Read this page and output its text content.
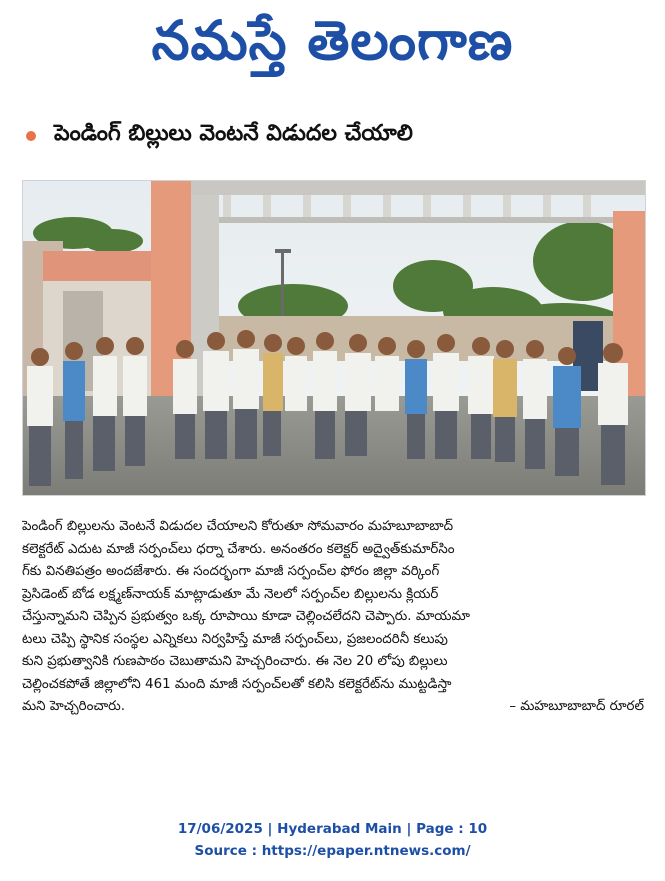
నమస్తే తెలంగాణ
పెండింగ్ బిల్లులు వెంటనే విడుదల చేయాలి

పెండింగ్ బిల్లులను వెంటనే విడుదల చేయాలని కోరుతూ సోమవారం మహబూబాబాద్

కలెక్టరేట్ ఎదుట మాజీ సర్పంచ్‌లు ధర్నా చేశారు. అనంతరం కలెక్టర్ అద్వైత్‌కుమార్‌సిం

గ్‌కు వినతిపత్రం అందజేశారు. ఈ సందర్భంగా మాజీ సర్పంచ్‌ల ఫోరం జిల్లా వర్కింగ్

ప్రెసిడెంట్ బోడ లక్ష్మణ్‌నాయక్ మాట్లాడుతూ మే నెలలో సర్పంచ్‌ల బిల్లులను క్లియర్

చేస్తున్నామని చెప్పిన ప్రభుత్వం ఒక్క రూపాయి కూడా చెల్లించలేదని చెప్పారు. మాయమా

టలు చెప్పి స్థానిక సంస్థల ఎన్నికలు నిర్వహిస్తే మాజీ సర్పంచ్‌లు, ప్రజలందరినీ కలుపు

కుని ప్రభుత్వానికి గుణపాఠం చెబుతామని హెచ్చరించారు. ఈ నెల 20 లోపు బిల్లులు

చెల్లించకపోతే జిల్లాలోని 461 మంది మాజీ సర్పంచ్‌లతో కలిసి కలెక్టరేట్‌ను ముట్టడిస్తా

మని హెచ్చరించారు.	– మహబూబాబాద్ రూరల్

17/06/2025 | Hyderabad Main | Page : 10
Source : https://epaper.ntnews.com/
